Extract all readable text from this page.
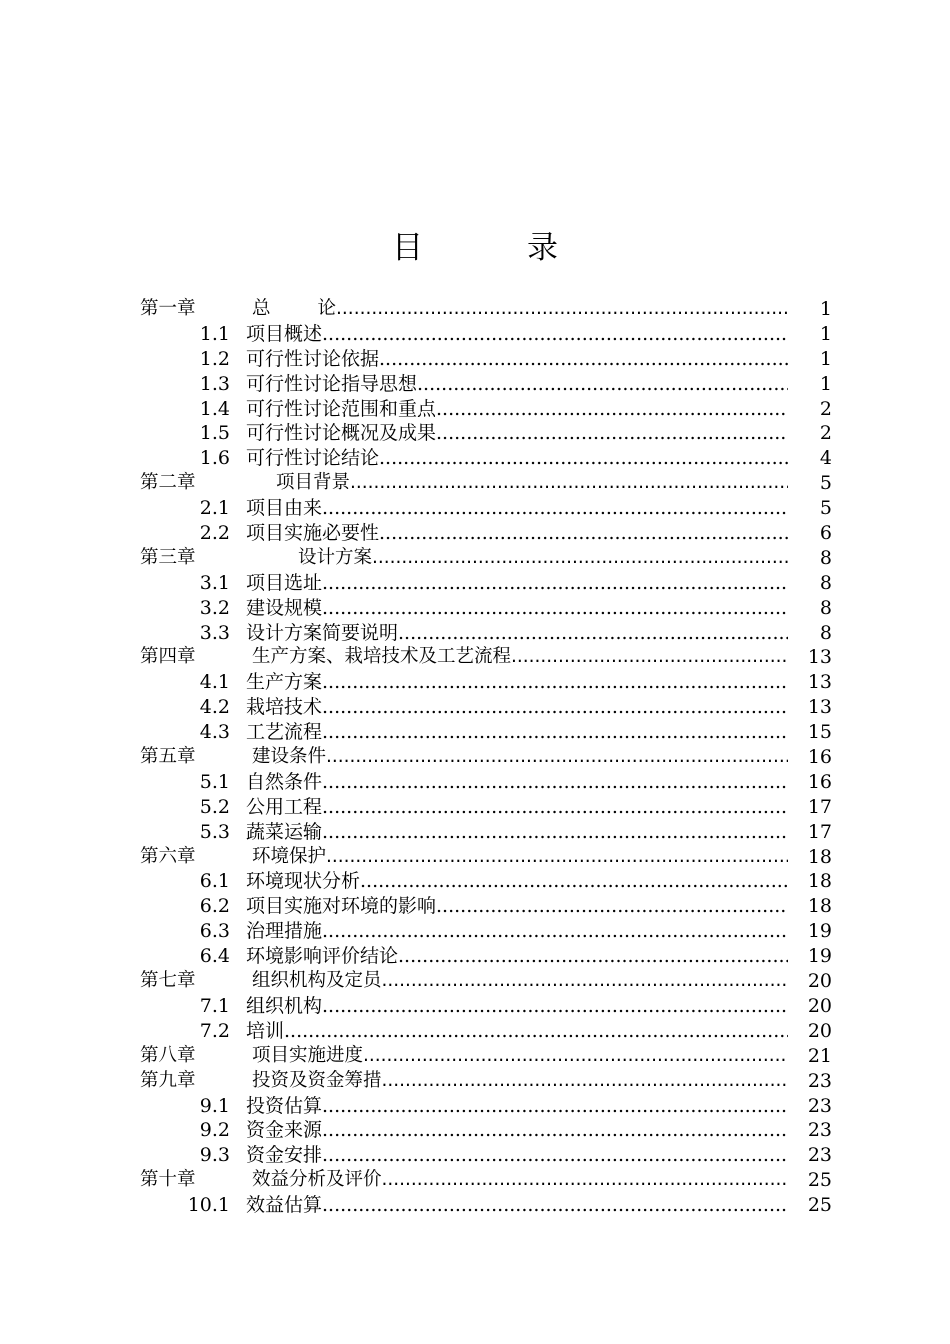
目	录
第一章	总        论 .....	1
1.1 项目概述 .....	1
1.2 可行性讨论依据 .....	1
1.3 可行性讨论指导思想 .....	1
1.4 可行性讨论范围和重点 .....	2
1.5 可行性讨论概况及成果 .....	2
1.6 可行性讨论结论 .....	4
第二章	项目背景 .....	5
2.1 项目由来 .....	5
2.2 项目实施必要性 .....	6
第三章	设计方案 .....	8
3.1 项目选址 .....	8
3.2 建设规模 .....	8
3.3 设计方案简要说明 .....	8
第四章	生产方案、栽培技术及工艺流程 .....	13
4.1 生产方案 .....	13
4.2 栽培技术 .....	13
4.3 工艺流程 .....	15
第五章	建设条件 .....	16
5.1 自然条件 .....	16
5.2 公用工程 .....	17
5.3 蔬菜运输 .....	17
第六章	环境保护 .....	18
6.1 环境现状分析 .....	18
6.2 项目实施对环境的影响 .....	18
6.3 治理措施 .....	19
6.4 环境影响评价结论 .....	19
第七章	组织机构及定员 .....	20
7.1 组织机构 .....	20
7.2 培训 .....	20
第八章	项目实施进度 .....	21
第九章	投资及资金筹措 .....	23
9.1 投资估算 .....	23
9.2 资金来源 .....	23
9.3 资金安排 .....	23
第十章	效益分析及评价 .....	25
10.1 效益估算 .....	25
